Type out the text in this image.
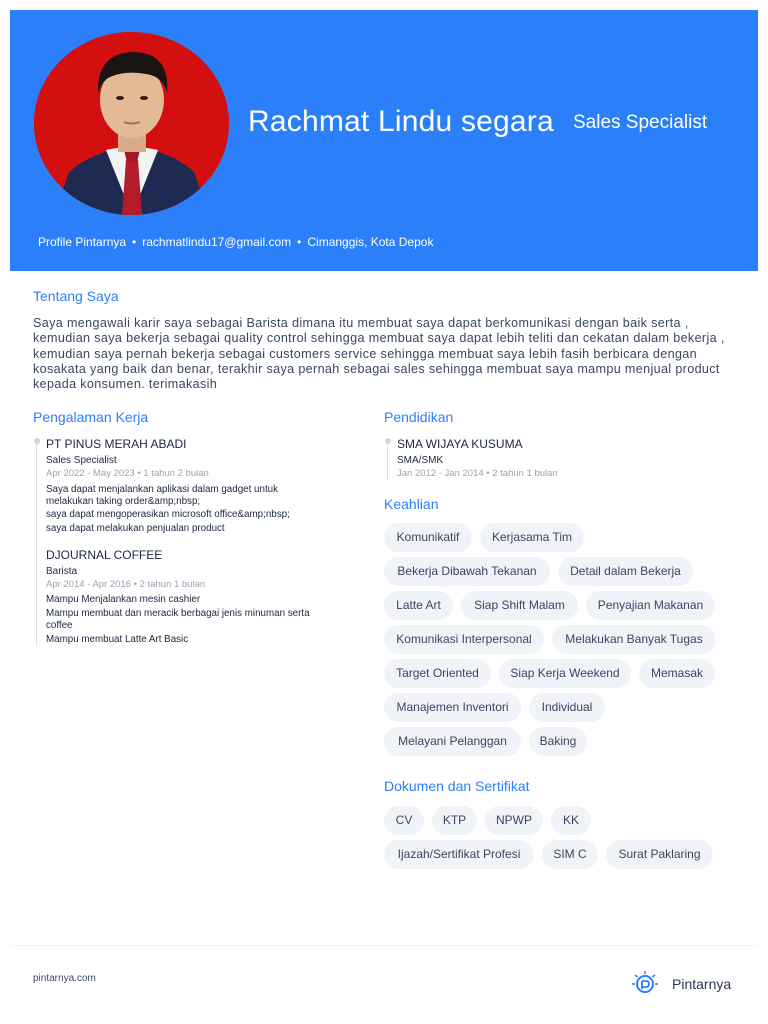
Rachmat Lindu segara Sales Specialist
Profile Pintarnya • rachmatlindu17@gmail.com • Cimanggis, Kota Depok
Tentang Saya
Saya mengawali karir saya sebagai Barista dimana itu membuat saya dapat berkomunikasi dengan baik serta , kemudian saya bekerja sebagai quality control sehingga membuat saya dapat lebih teliti dan cekatan dalam bekerja , kemudian saya pernah bekerja sebagai customers service sehingga membuat saya lebih fasih berbicara dengan kosakata yang baik dan benar, terakhir saya pernah sebagai sales sehingga membuat saya mampu menjual product kepada konsumen. terimakasih
Pengalaman Kerja
PT PINUS MERAH ABADI
Sales Specialist
Apr 2022 - May 2023 • 1 tahun 2 bulan
Saya dapat menjalankan aplikasi dalam gadget untuk melakukan taking order&amp;nbsp;
saya dapat mengoperasikan microsoft office&amp;nbsp;
saya dapat melakukan penjualan product
DJOURNAL COFFEE
Barista
Apr 2014 - Apr 2016 • 2 tahun 1 bulan
Mampu Menjalankan mesin cashier
Mampu membuat dan meracik berbagai jenis minuman serta coffee
Mampu membuat Latte Art Basic
Pendidikan
SMA WIJAYA KUSUMA
SMA/SMK
Jan 2012 - Jan 2014 • 2 tahun 1 bulan
Keahlian
Komunikatif	Kerjasama Tim
Bekerja Dibawah Tekanan	Detail dalam Bekerja
Latte Art	Siap Shift Malam	Penyajian Makanan
Komunikasi Interpersonal	Melakukan Banyak Tugas
Target Oriented	Siap Kerja Weekend	Memasak
Manajemen Inventori	Individual
Melayani Pelanggan	Baking
Dokumen dan Sertifikat
CV	KTP	NPWP	KK
Ijazah/Sertifikat Profesi	SIM C	Surat Paklaring
pintarnya.com	Pintarnya
